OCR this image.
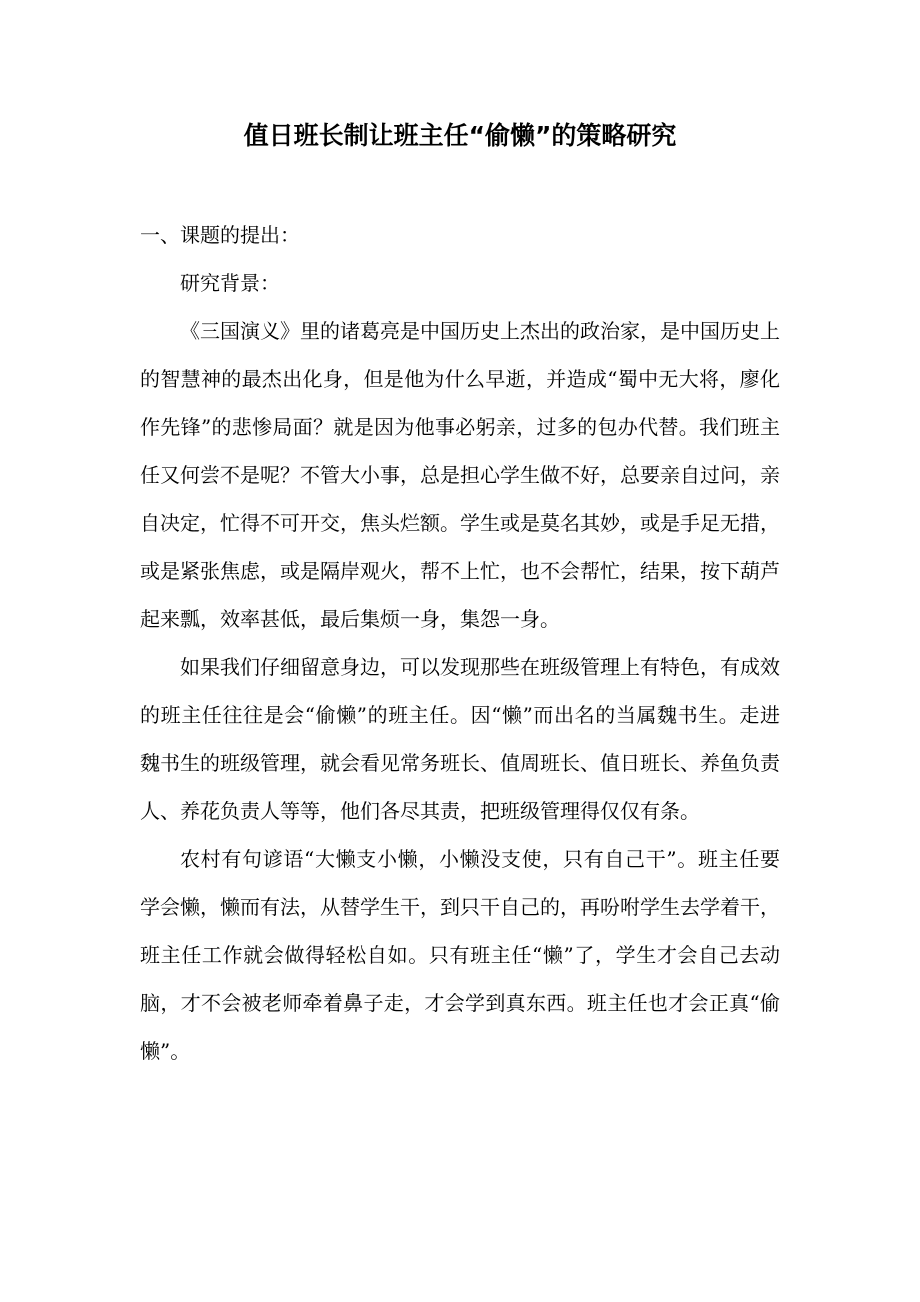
值日班长制让班主任“偷懒”的策略研究

一、课题的提出：

研究背景：

《三国演义》里的诸葛亮是中国历史上杰出的政治家，是中国历史上的智慧神的最杰出化身，但是他为什么早逝，并造成“蜀中无大将，廖化作先锋”的悲惨局面？就是因为他事必躬亲，过多的包办代替。我们班主任又何尝不是呢？不管大小事，总是担心学生做不好，总要亲自过问，亲自决定，忙得不可开交，焦头烂额。学生或是莫名其妙，或是手足无措，或是紧张焦虑，或是隔岸观火，帮不上忙，也不会帮忙，结果，按下葫芦起来瓢，效率甚低，最后集烦一身，集怨一身。

如果我们仔细留意身边，可以发现那些在班级管理上有特色，有成效的班主任往往是会“偷懒”的班主任。因“懒”而出名的当属魏书生。走进魏书生的班级管理，就会看见常务班长、值周班长、值日班长、养鱼负责人、养花负责人等等，他们各尽其责，把班级管理得仅仅有条。

农村有句谚语“大懒支小懒，小懒没支使，只有自己干”。班主任要学会懒，懒而有法，从替学生干，到只干自己的，再吩咐学生去学着干，班主任工作就会做得轻松自如。只有班主任“懒”了，学生才会自己去动脑，才不会被老师牵着鼻子走，才会学到真东西。班主任也才会正真“偷懒”。
